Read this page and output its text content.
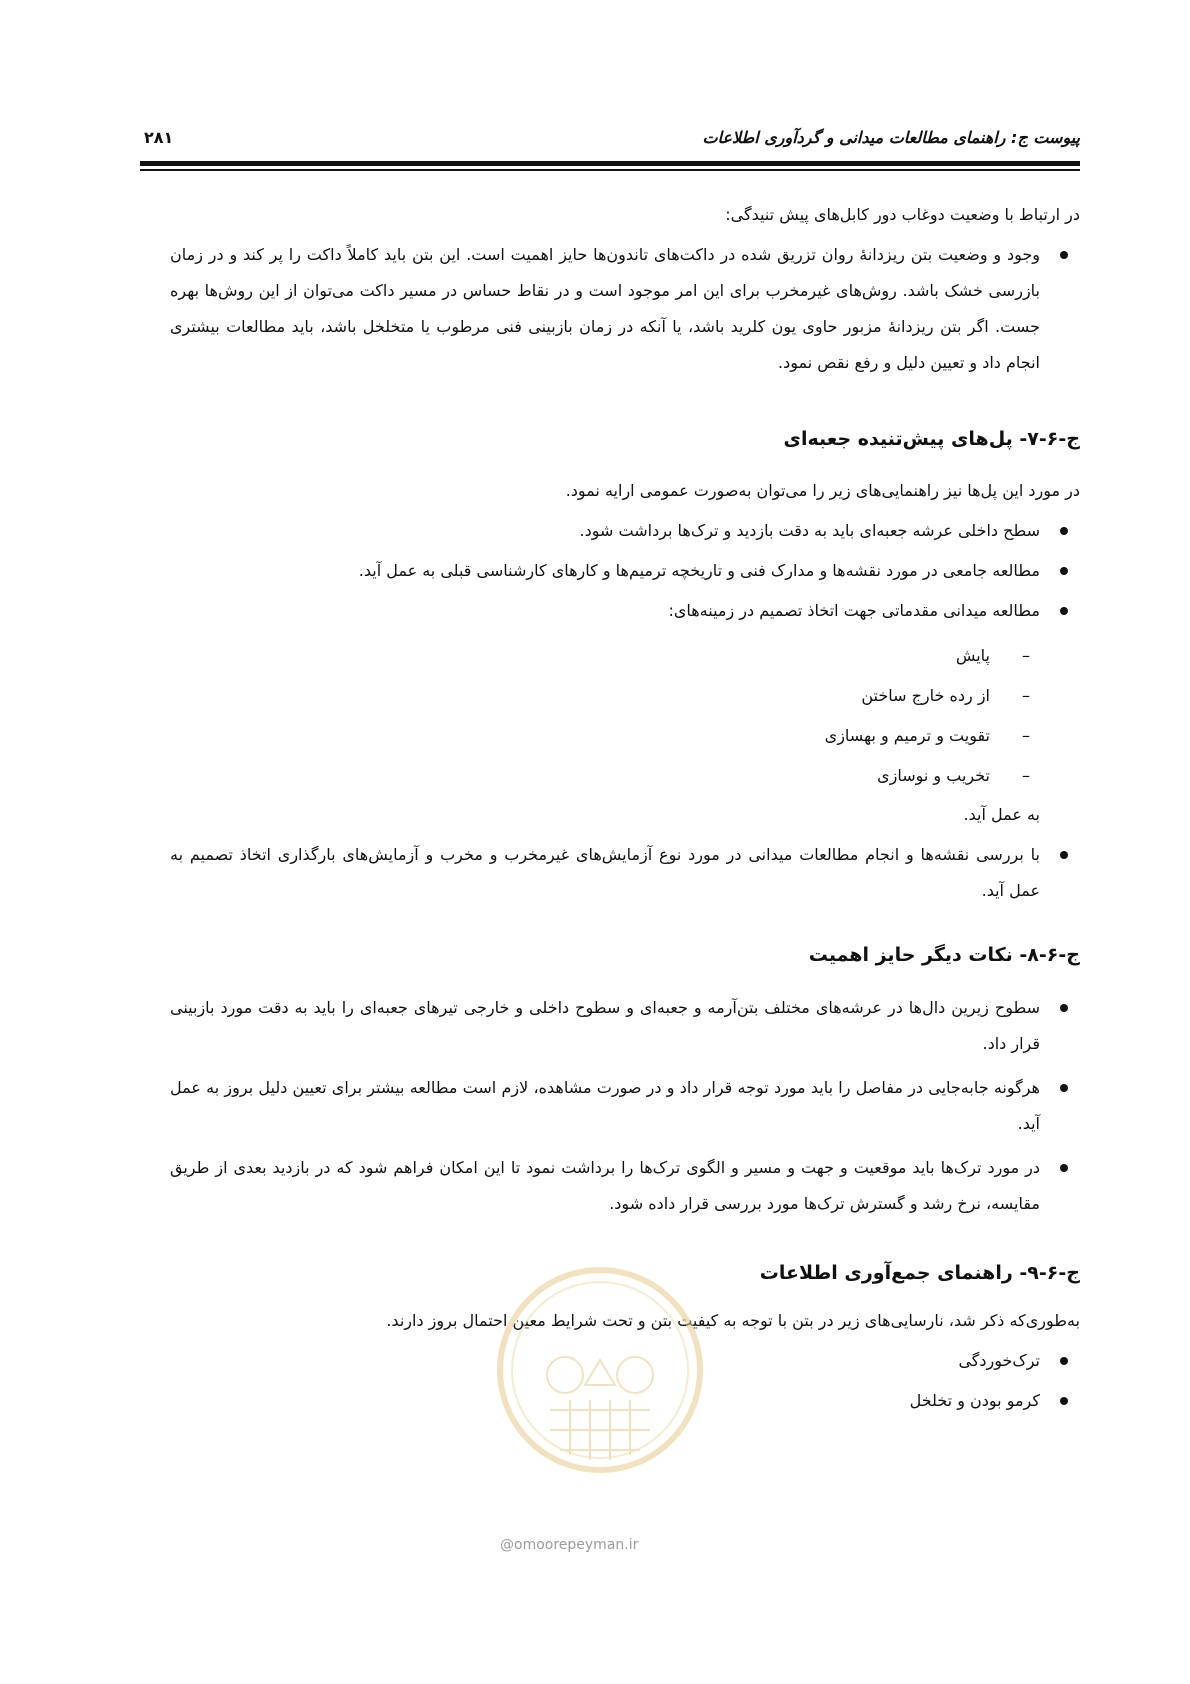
پیوست ج: راهنمای مطالعات میدانی و گردآوری اطلاعات
۲۸۱
در ارتباط با وضعیت دوغاب دور کابل‌های پیش تنیدگی:
وجود و وضعیت بتن ریزدانهٔ روان تزریق شده در داکت‌های تاندون‌ها حایز اهمیت است. این بتن باید کاملاً داکت را پر کند و در زمان بازرسی خشک باشد. روش‌های غیرمخرب برای این امر موجود است و در نقاط حساس در مسیر داکت می‌توان از این روش‌ها بهره جست. اگر بتن ریزدانهٔ مزبور حاوی یون کلرید باشد، یا آنکه در زمان بازبینی فنی مرطوب یا متخلخل باشد، باید مطالعات بیشتری انجام داد و تعیین دلیل و رفع نقص نمود.
ج-۶-۷- پل‌های پیش‌تنیده جعبه‌ای
در مورد این پل‌ها نیز راهنمایی‌های زیر را می‌توان به‌صورت عمومی ارایه نمود.
سطح داخلی عرشه جعبه‌ای باید به دقت بازدید و ترک‌ها برداشت شود.
مطالعه جامعی در مورد نقشه‌ها و مدارک فنی و تاریخچه ترمیم‌ها و کارهای کارشناسی قبلی به عمل آید.
مطالعه میدانی مقدماتی جهت اتخاذ تصمیم در زمینه‌های:
–
پایش
–
از رده خارج ساختن
–
تقویت و ترمیم و بهسازی
–
تخریب و نوسازی
به عمل آید.
با بررسی نقشه‌ها و انجام مطالعات میدانی در مورد نوع آزمایش‌های غیرمخرب و مخرب و آزمایش‌های بارگذاری اتخاذ تصمیم به عمل آید.
ج-۶-۸- نکات دیگر حایز اهمیت
سطوح زیرین دال‌ها در عرشه‌های مختلف بتن‌آرمه و جعبه‌ای و سطوح داخلی و خارجی تیرهای جعبه‌ای را باید به دقت مورد بازبینی قرار داد.
هرگونه جابه‌جایی در مفاصل را باید مورد توجه قرار داد و در صورت مشاهده، لازم است مطالعه بیشتر برای تعیین دلیل بروز به عمل آید.
در مورد ترک‌ها باید موقعیت و جهت و مسیر و الگوی ترک‌ها را برداشت نمود تا این امکان فراهم شود که در بازدید بعدی از طریق مقایسه، نرخ رشد و گسترش ترک‌ها مورد بررسی قرار داده شود.
ج-۶-۹- راهنمای جمع‌آوری اطلاعات
به‌طوری‌که ذکر شد، نارسایی‌های زیر در بتن با توجه به کیفیت بتن و تحت شرایط معین احتمال بروز دارند.
ترک‌خوردگی
کرمو بودن و تخلخل
@omoorepeyman.ir
